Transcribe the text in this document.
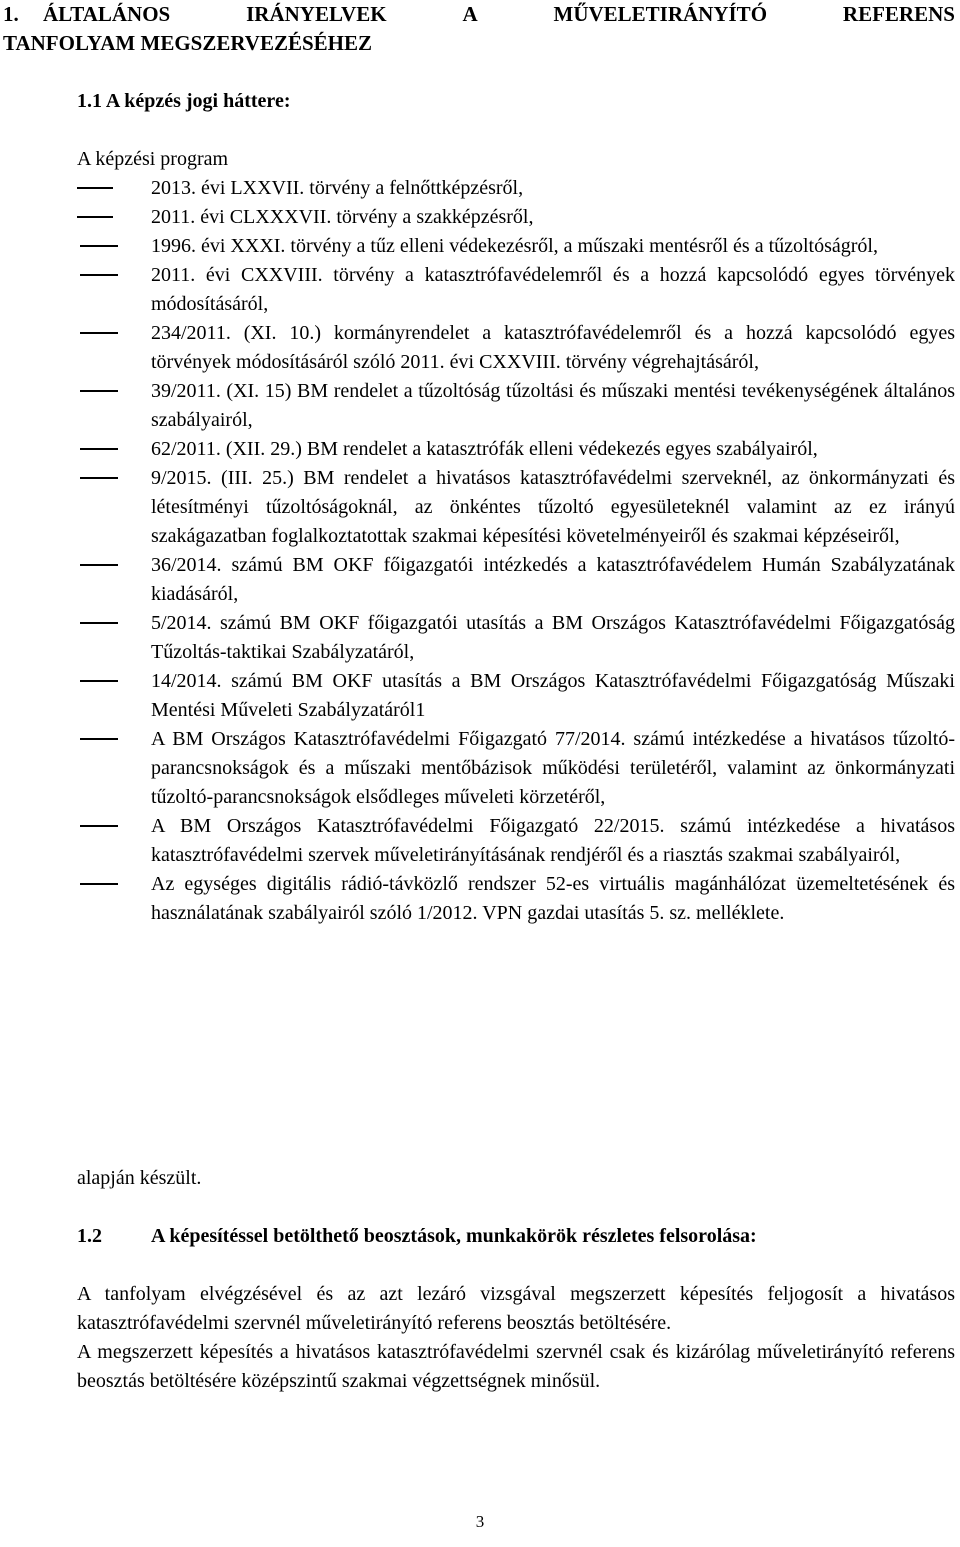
1.	ÁLTALÁNOS	IRÁNYELVEK	A	MŰVELETIRÁNYÍTÓ	REFERENS
TANFOLYAM MEGSZERVEZÉSÉHEZ
1.1 A képzés jogi háttere:
A képzési program
2013. évi LXXVII. törvény a felnőttképzésről,
2011. évi CLXXXVII. törvény a szakképzésről,
1996. évi XXXI. törvény a tűz elleni védekezésről, a műszaki mentésről és a tűzoltóságról,
2011. évi CXXVIII. törvény a katasztrófavédelemről és a hozzá kapcsolódó egyes törvények módosításáról,
234/2011. (XI. 10.) kormányrendelet a katasztrófavédelemről és a hozzá kapcsolódó egyes törvények módosításáról szóló 2011. évi CXXVIII. törvény végrehajtásáról,
39/2011. (XI. 15) BM rendelet a tűzoltóság tűzoltási és műszaki mentési tevékenységének általános szabályairól,
62/2011. (XII. 29.) BM rendelet a katasztrófák elleni védekezés egyes szabályairól,
9/2015. (III. 25.) BM rendelet a hivatásos katasztrófavédelmi szerveknél, az önkormányzati és létesítményi tűzoltóságoknál, az önkéntes tűzoltó egyesületeknél valamint az ez irányú szakágazatban foglalkoztatottak szakmai képesítési követelményeiről és szakmai képzéseiről,
36/2014. számú BM OKF főigazgatói intézkedés a katasztrófavédelem Humán Szabályzatának kiadásáról,
5/2014. számú BM OKF főigazgatói utasítás a BM Országos Katasztrófavédelmi Főigazgatóság Tűzoltás-taktikai Szabályzatáról,
14/2014. számú BM OKF utasítás a BM Országos Katasztrófavédelmi Főigazgatóság Műszaki Mentési Műveleti Szabályzatáról1
A BM Országos Katasztrófavédelmi Főigazgató 77/2014. számú intézkedése a hivatásos tűzoltó-parancsnokságok és a műszaki mentőbázisok működési területéről, valamint az önkormányzati tűzoltó-parancsnokságok elsődleges műveleti körzetéről,
A BM Országos Katasztrófavédelmi Főigazgató 22/2015. számú intézkedése a hivatásos katasztrófavédelmi szervek műveletirányításának rendjéről és a riasztás szakmai szabályairól,
Az egységes digitális rádió-távközlő rendszer 52-es virtuális magánhálózat üzemeltetésének és használatának szabályairól szóló 1/2012. VPN gazdai utasítás 5. sz. melléklete.
alapján készült.
1.2	A képesítéssel betölthető beosztások, munkakörök részletes felsorolása:
A tanfolyam elvégzésével és az azt lezáró vizsgával megszerzett képesítés feljogosít a hivatásos katasztrófavédelmi szervnél műveletirányító referens beosztás betöltésére.
A megszerzett képesítés a hivatásos katasztrófavédelmi szervnél csak és kizárólag műveletirányító referens beosztás betöltésére középszintű szakmai végzettségnek minősül.
3
